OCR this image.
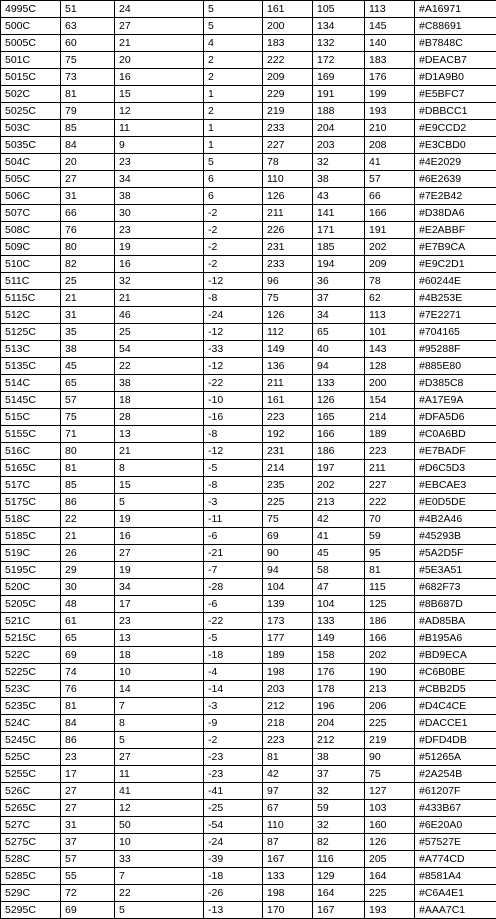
4995C	51	24	5	161	105	113	#A16971	

500C	63	27	5	200	134	145	#C88691	

5005C	60	21	4	183	132	140	#B7848C	

501C	75	20	2	222	172	183	#DEACB7	

5015C	73	16	2	209	169	176	#D1A9B0	

502C	81	15	1	229	191	199	#E5BFC7	

5025C	79	12	2	219	188	193	#DBBCC1	

503C	85	11	1	233	204	210	#E9CCD2	

5035C	84	9	1	227	203	208	#E3CBD0	

504C	20	23	5	78	32	41	#4E2029	

505C	27	34	6	110	38	57	#6E2639	

506C	31	38	6	126	43	66	#7E2B42	

507C	66	30	-2	211	141	166	#D38DA6	

508C	76	23	-2	226	171	191	#E2ABBF	

509C	80	19	-2	231	185	202	#E7B9CA	

510C	82	16	-2	233	194	209	#E9C2D1	

511C	25	32	-12	96	36	78	#60244E	

5115C	21	21	-8	75	37	62	#4B253E	

512C	31	46	-24	126	34	113	#7E2271	

5125C	35	25	-12	112	65	101	#704165	

513C	38	54	-33	149	40	143	#95288F	

5135C	45	22	-12	136	94	128	#885E80	

514C	65	38	-22	211	133	200	#D385C8	

5145C	57	18	-10	161	126	154	#A17E9A	

515C	75	28	-16	223	165	214	#DFA5D6	

5155C	71	13	-8	192	166	189	#C0A6BD	

516C	80	21	-12	231	186	223	#E7BADF	

5165C	81	8	-5	214	197	211	#D6C5D3	

517C	85	15	-8	235	202	227	#EBCAE3	

5175C	86	5	-3	225	213	222	#E0D5DE	

518C	22	19	-11	75	42	70	#4B2A46	

5185C	21	16	-6	69	41	59	#45293B	

519C	26	27	-21	90	45	95	#5A2D5F	

5195C	29	19	-7	94	58	81	#5E3A51	

520C	30	34	-28	104	47	115	#682F73	

5205C	48	17	-6	139	104	125	#8B687D	

521C	61	23	-22	173	133	186	#AD85BA	

5215C	65	13	-5	177	149	166	#B195A6	

522C	69	18	-18	189	158	202	#BD9ECA	

5225C	74	10	-4	198	176	190	#C6B0BE	

523C	76	14	-14	203	178	213	#CBB2D5	

5235C	81	7	-3	212	196	206	#D4C4CE	

524C	84	8	-9	218	204	225	#DACCE1	

5245C	86	5	-2	223	212	219	#DFD4DB	

525C	23	27	-23	81	38	90	#51265A	

5255C	17	11	-23	42	37	75	#2A254B	

526C	27	41	-41	97	32	127	#61207F	

5265C	27	12	-25	67	59	103	#433B67	

527C	31	50	-54	110	32	160	#6E20A0	

5275C	37	10	-24	87	82	126	#57527E	

528C	57	33	-39	167	116	205	#A774CD	

5285C	55	7	-18	133	129	164	#8581A4	

529C	72	22	-26	198	164	225	#C6A4E1	

5295C	69	5	-13	170	167	193	#AAA7C1	
